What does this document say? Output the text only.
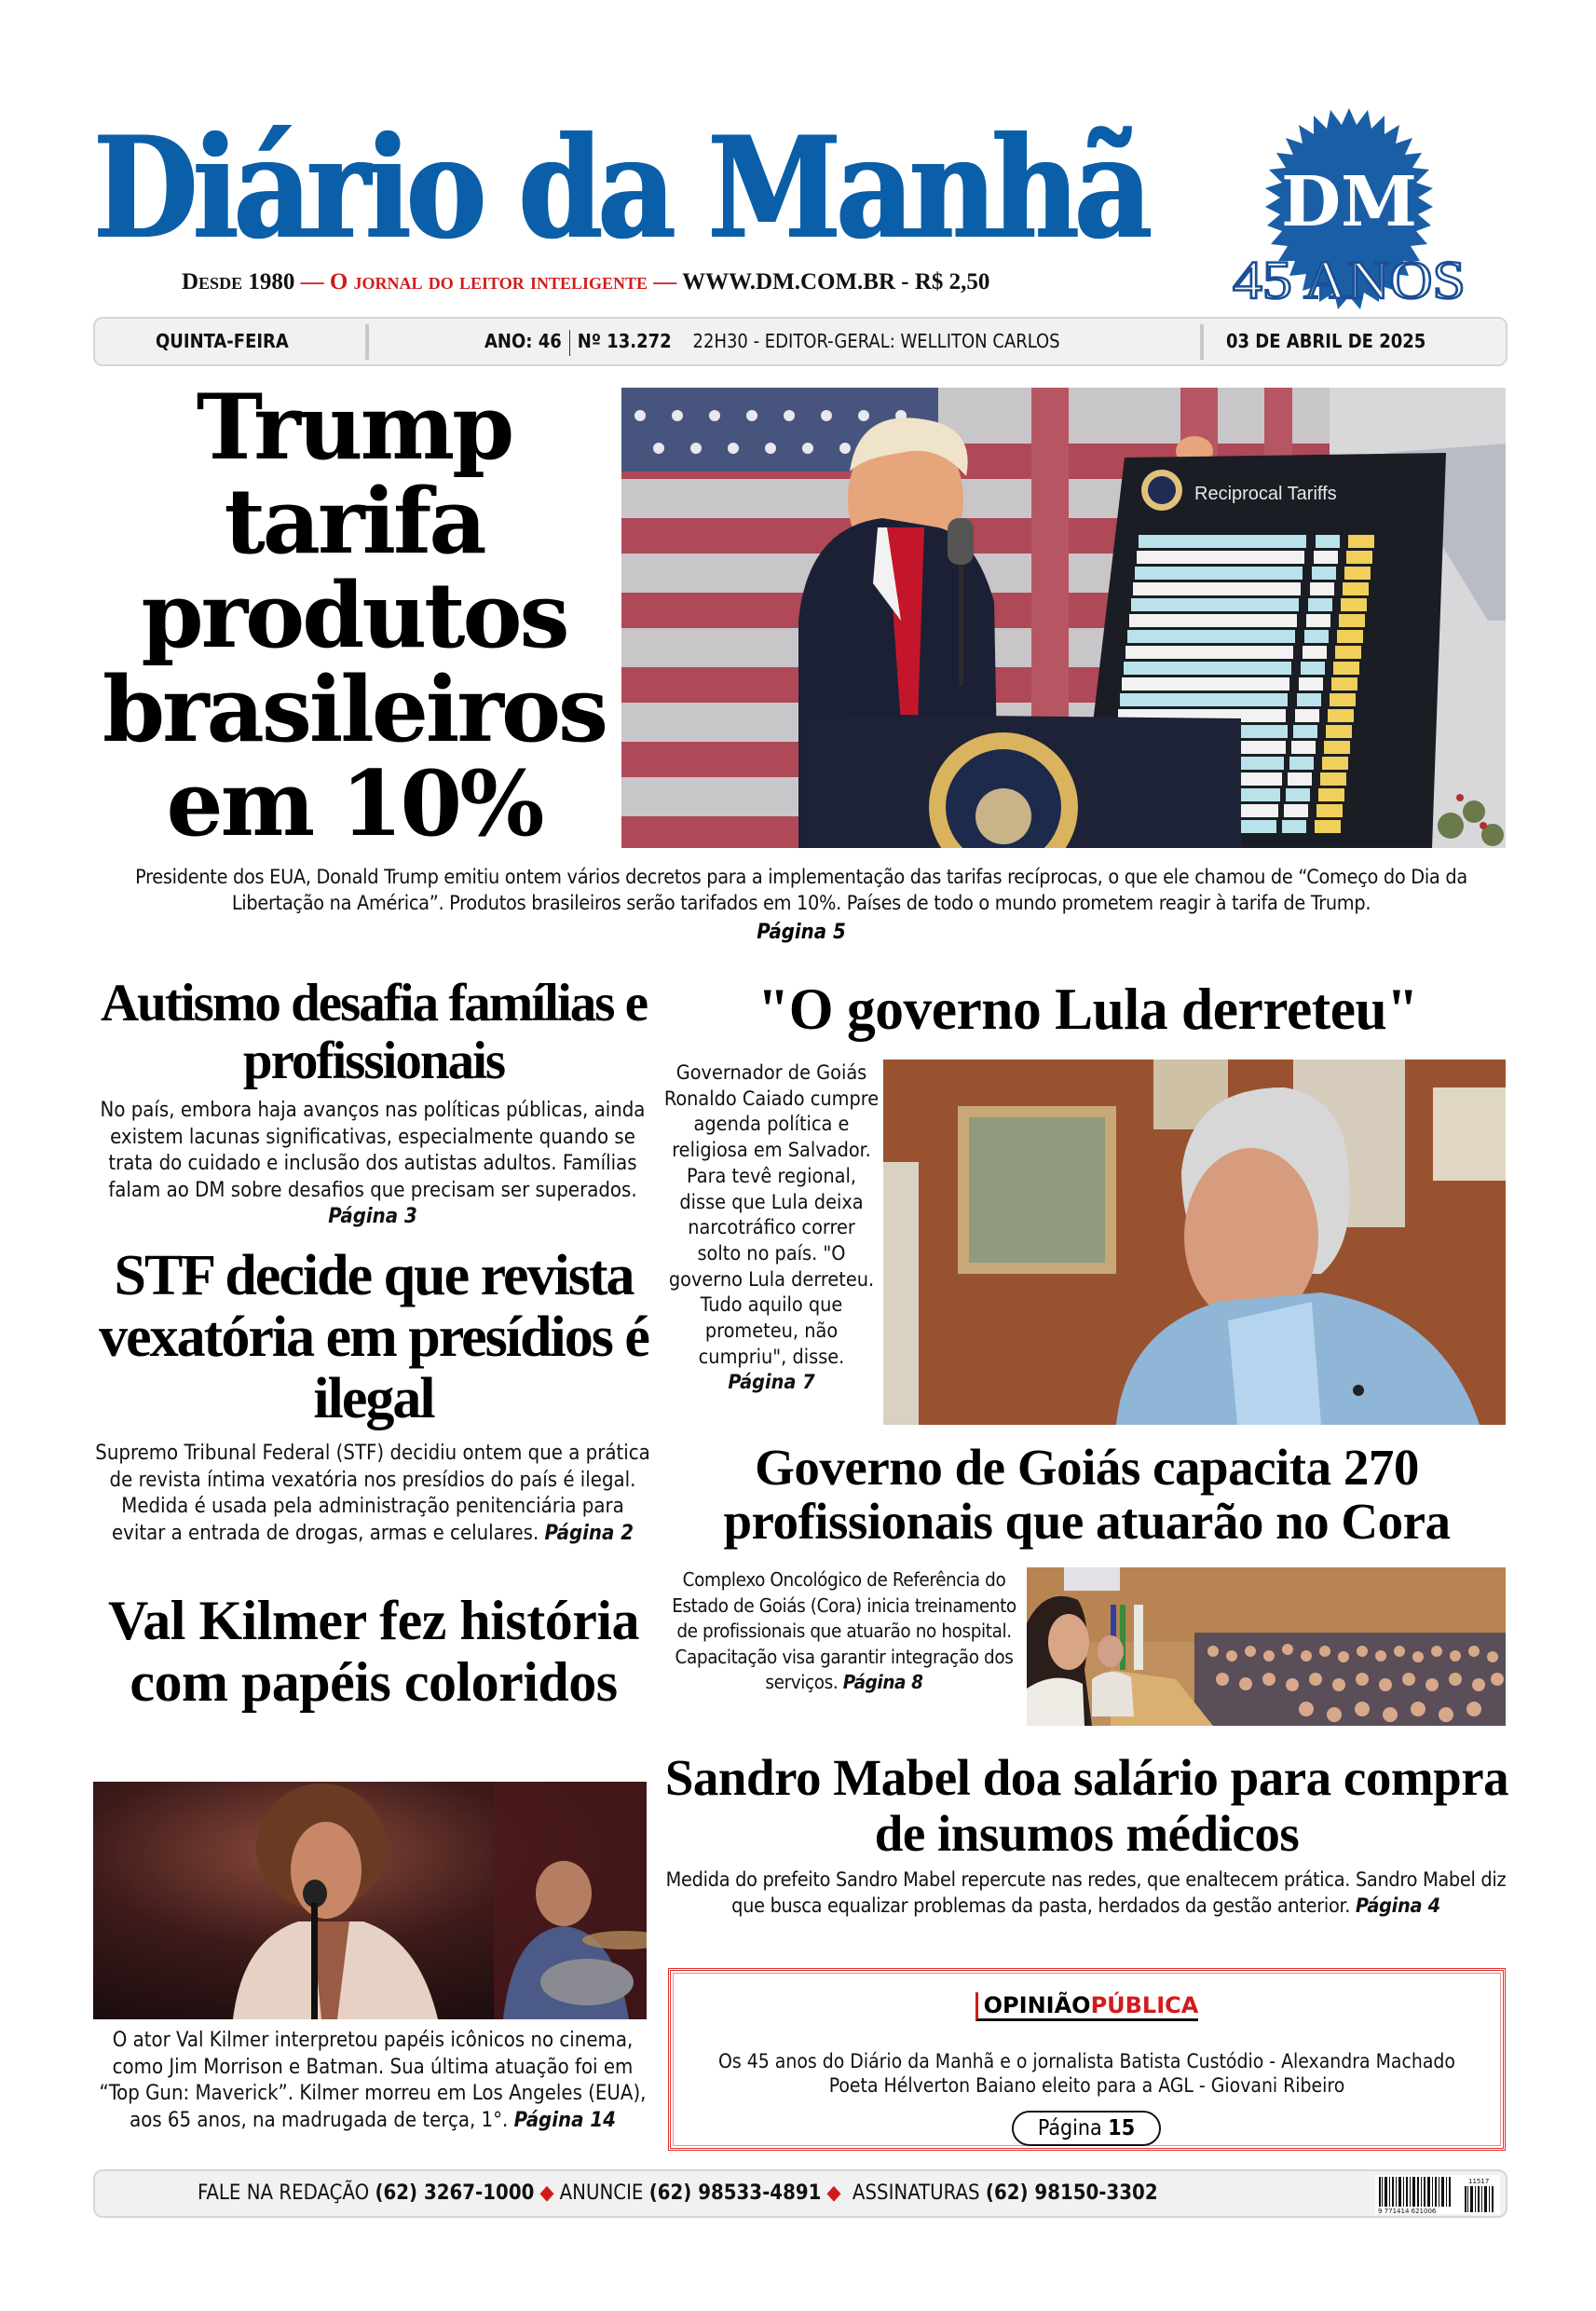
Diário da Manhã
Desde 1980 — O jornal do leitor inteligente — WWW.DM.COM.BR - R$ 2,50
DM
45 ANOS
QUINTA-FEIRA	ANO: 46 Nº 13.272 22H30 - EDITOR-GERAL: WELLITON CARLOS	03 DE ABRIL DE 2025
Trump tarifa produtos brasileiros em 10%
Reciprocal Tariffs
Presidente dos EUA, Donald Trump emitiu ontem vários decretos para a implementação das tarifas recíprocas, o que ele chamou de “Começo do Dia da Libertação na América”. Produtos brasileiros serão tarifados em 10%. Países de todo o mundo prometem reagir à tarifa de Trump.
Página 5
Autismo desafia famílias e profissionais
No país, embora haja avanços nas políticas públicas, ainda existem lacunas significativas, especialmente quando se trata do cuidado e inclusão dos autistas adultos. Famílias falam ao DM sobre desafios que precisam ser superados. Página 3
STF decide que revista vexatória em presídios é ilegal
Supremo Tribunal Federal (STF) decidiu ontem que a prática de revista íntima vexatória nos presídios do país é ilegal. Medida é usada pela administração penitenciária para evitar a entrada de drogas, armas e celulares. Página 2
Val Kilmer fez história com papéis coloridos
O ator Val Kilmer interpretou papéis icônicos no cinema, como Jim Morrison e Batman. Sua última atuação foi em “Top Gun: Maverick”. Kilmer morreu em Los Angeles (EUA), aos 65 anos, na madrugada de terça, 1°. Página 14
"O governo Lula derreteu"
Governador de Goiás Ronaldo Caiado cumpre agenda política e religiosa em Salvador. Para tevê regional, disse que Lula deixa narcotráfico correr solto no país. "O governo Lula derreteu. Tudo aquilo que prometeu, não cumpriu", disse. Página 7
Governo de Goiás capacita 270 profissionais que atuarão no Cora
Complexo Oncológico de Referência do Estado de Goiás (Cora) inicia treinamento de profissionais que atuarão no hospital. Capacitação visa garantir integração dos serviços. Página 8
Sandro Mabel doa salário para compra de insumos médicos
Medida do prefeito Sandro Mabel repercute nas redes, que enaltecem prática. Sandro Mabel diz que busca equalizar problemas da pasta, herdados da gestão anterior. Página 4
OPINIÃOPÚBLICA
Os 45 anos do Diário da Manhã e o jornalista Batista Custódio - Alexandra Machado
Poeta Hélverton Baiano eleito para a AGL - Giovani Ribeiro
Página 15
FALE NA REDAÇÃO (62) 3267-1000 ◆ ANUNCIE (62) 98533-4891 ◆ ASSINATURAS (62) 98150-3302
9 771414 621006
11517
